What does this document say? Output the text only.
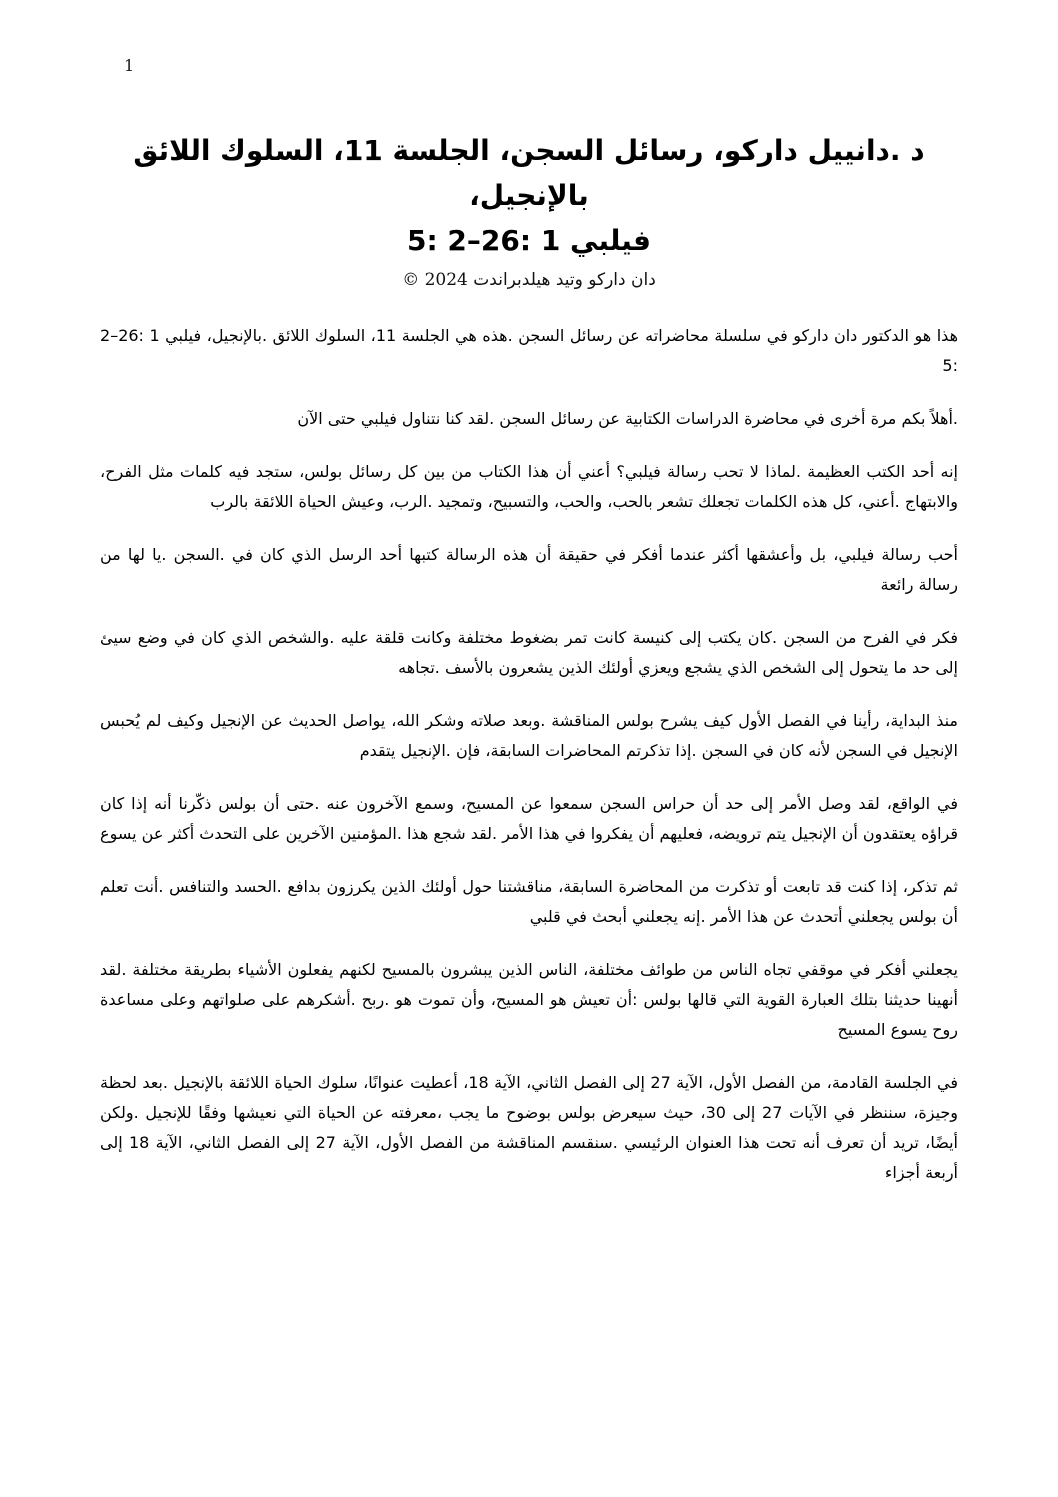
1
د .دانييل داركو، رسائل السجن، الجلسة 11، السلوك اللائق
بالإنجيل،
فيلبي 1 :26–2 :5
دان داركو وتيد هيلدبراندت 2024 ©

هذا هو الدكتور دان داركو في سلسلة محاضراته عن رسائل السجن .هذه هي الجلسة 11، السلوك اللائق .بالإنجيل، فيلبي 1 :26–2 :5

.أهلاً بكم مرة أخرى في محاضرة الدراسات الكتابية عن رسائل السجن .لقد كنا نتناول فيلبي حتى الآن

إنه أحد الكتب العظيمة .لماذا لا تحب رسالة فيلبي؟ أعني أن هذا الكتاب من بين كل رسائل بولس، ستجد فيه كلمات مثل الفرح، والابتهاج .أعني، كل هذه الكلمات تجعلك تشعر بالحب، والحب، والتسبيح، وتمجيد .الرب، وعيش الحياة اللائقة بالرب

أحب رسالة فيلبي، بل وأعشقها أكثر عندما أفكر في حقيقة أن هذه الرسالة كتبها أحد الرسل الذي كان في .السجن .يا لها من رسالة رائعة

فكر في الفرح من السجن .كان يكتب إلى كنيسة كانت تمر بضغوط مختلفة وكانت قلقة عليه .والشخص الذي كان في وضع سيئ إلى حد ما يتحول إلى الشخص الذي يشجع ويعزي أولئك الذين يشعرون بالأسف .تجاهه

منذ البداية، رأينا في الفصل الأول كيف يشرح بولس المناقشة .وبعد صلاته وشكر الله، يواصل الحديث عن الإنجيل وكيف لم يُحبس الإنجيل في السجن لأنه كان في السجن .إذا تذكرتم المحاضرات السابقة، فإن .الإنجيل يتقدم

في الواقع، لقد وصل الأمر إلى حد أن حراس السجن سمعوا عن المسيح، وسمع الآخرون عنه .حتى أن بولس ذكّرنا أنه إذا كان قراؤه يعتقدون أن الإنجيل يتم ترويضه، فعليهم أن يفكروا في هذا الأمر .لقد شجع هذا .المؤمنين الآخرين على التحدث أكثر عن يسوع

ثم تذكر، إذا كنت قد تابعت أو تذكرت من المحاضرة السابقة، مناقشتنا حول أولئك الذين يكرزون بدافع .الحسد والتنافس .أنت تعلم أن بولس يجعلني أتحدث عن هذا الأمر .إنه يجعلني أبحث في قلبي

يجعلني أفكر في موقفي تجاه الناس من طوائف مختلفة، الناس الذين يبشرون بالمسيح لكنهم يفعلون الأشياء بطريقة مختلفة .لقد أنهينا حديثنا بتلك العبارة القوية التي قالها بولس :أن تعيش هو المسيح، وأن تموت هو .ربح .أشكرهم على صلواتهم وعلى مساعدة روح يسوع المسيح

في الجلسة القادمة، من الفصل الأول، الآية 27 إلى الفصل الثاني، الآية 18، أعطيت عنوانًا، سلوك الحياة اللائقة بالإنجيل .بعد لحظة وجيزة، سننظر في الآيات 27 إلى 30، حيث سيعرض بولس بوضوح ما يجب ،معرفته عن الحياة التي نعيشها وفقًا للإنجيل .ولكن أيضًا، تريد أن تعرف أنه تحت هذا العنوان الرئيسي .سنقسم المناقشة من الفصل الأول، الآية 27 إلى الفصل الثاني، الآية 18 إلى أربعة أجزاء
